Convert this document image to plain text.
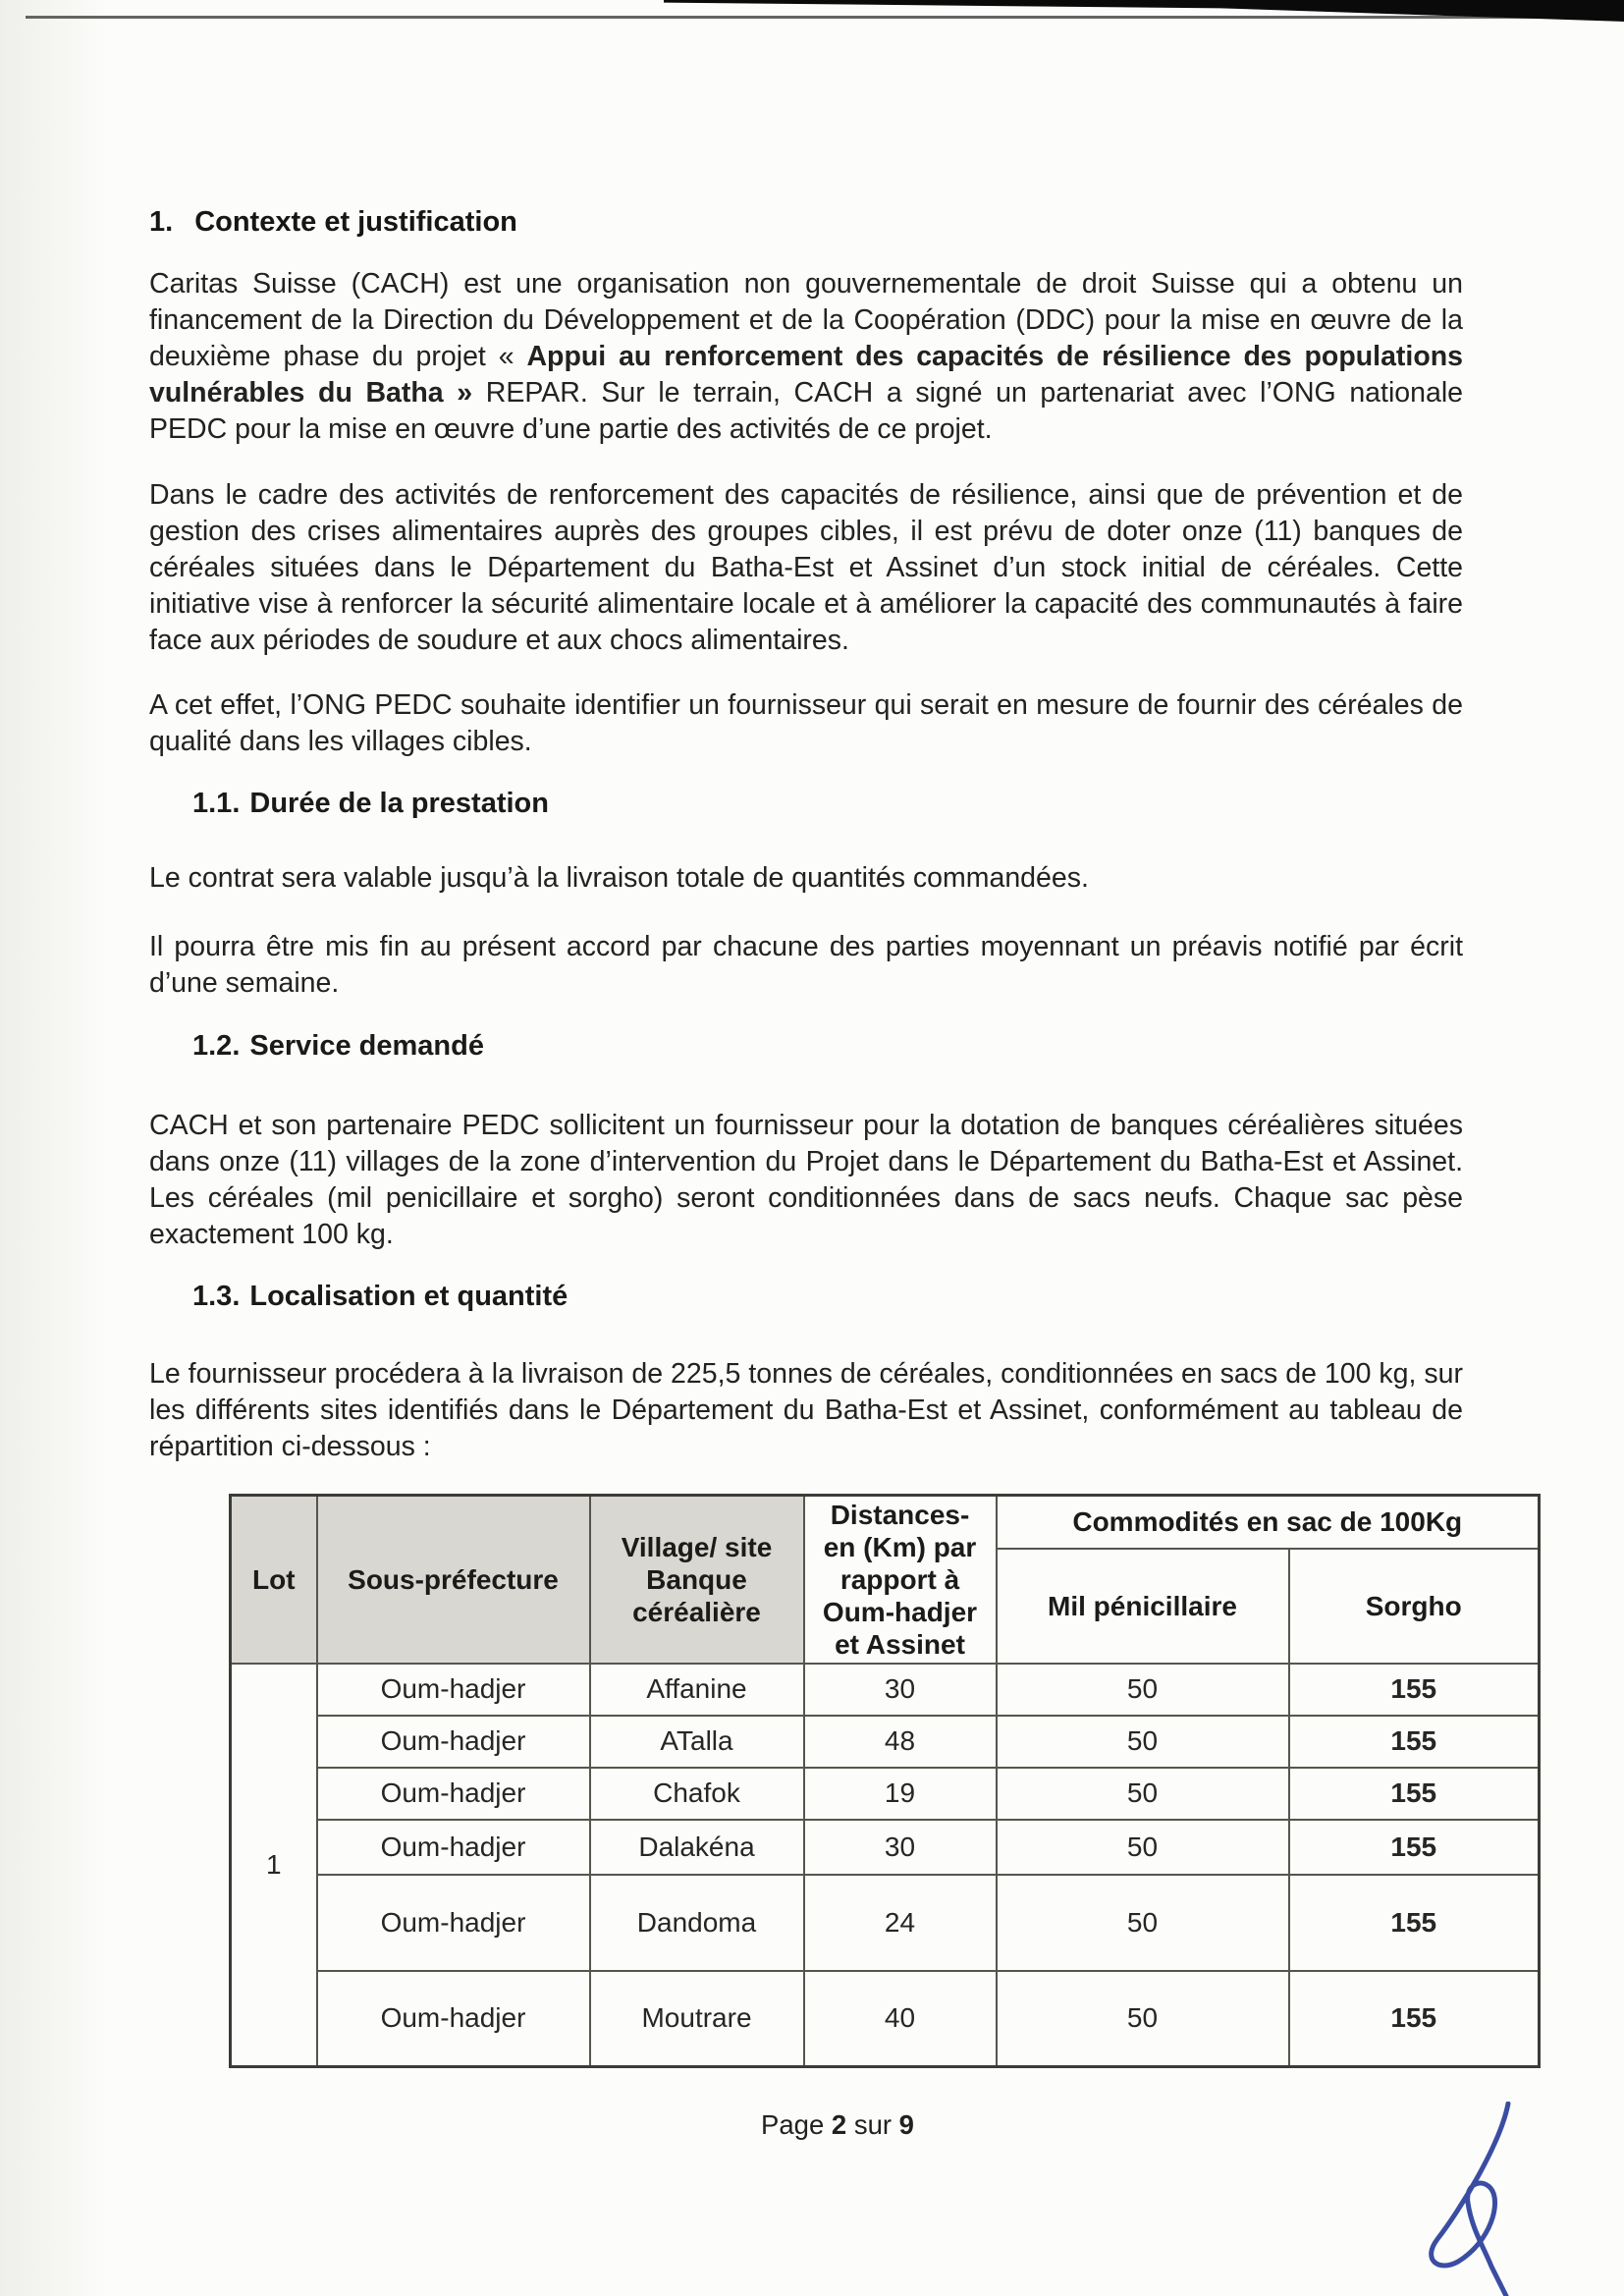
1. Contexte et justification

Caritas Suisse (CACH) est une organisation non gouvernementale de droit Suisse qui a obtenu un financement de la Direction du Développement et de la Coopération (DDC) pour la mise en œuvre de la deuxième phase du projet « Appui au renforcement des capacités de résilience des populations vulnérables du Batha » REPAR. Sur le terrain, CACH a signé un partenariat avec l’ONG nationale PEDC pour la mise en œuvre d’une partie des activités de ce projet.

Dans le cadre des activités de renforcement des capacités de résilience, ainsi que de prévention et de gestion des crises alimentaires auprès des groupes cibles, il est prévu de doter onze (11) banques de céréales situées dans le Département du Batha-Est et Assinet d’un stock initial de céréales. Cette initiative vise à renforcer la sécurité alimentaire locale et à améliorer la capacité des communautés à faire face aux périodes de soudure et aux chocs alimentaires.

A cet effet, l’ONG PEDC souhaite identifier un fournisseur qui serait en mesure de fournir des céréales de qualité dans les villages cibles.

1.1. Durée de la prestation

Le contrat sera valable jusqu’à la livraison totale de quantités commandées.

Il pourra être mis fin au présent accord par chacune des parties moyennant un préavis notifié par écrit d’une semaine.

1.2. Service demandé

CACH et son partenaire PEDC sollicitent un fournisseur pour la dotation de banques céréalières situées dans onze (11) villages de la zone d’intervention du Projet dans le Département du Batha-Est et Assinet. Les céréales (mil penicillaire et sorgho) seront conditionnées dans de sacs neufs. Chaque sac pèse exactement 100 kg.

1.3. Localisation et quantité

Le fournisseur procédera à la livraison de 225,5 tonnes de céréales, conditionnées en sacs de 100 kg, sur les différents sites identifiés dans le Département du Batha-Est et Assinet, conformément au tableau de répartition ci-dessous :

Lot	Sous-préfecture	Village/ site Banque céréalière	Distances- en (Km) par rapport à Oum-hadjer et Assinet	Commodités en sac de 100Kg	
				Mil pénicillaire	Sorgho
1	Oum-hadjer	Affanine	30	50	155
	Oum-hadjer	ATalla	48	50	155
	Oum-hadjer	Chafok	19	50	155
	Oum-hadjer	Dalakéna	30	50	155
	Oum-hadjer	Dandoma	24	50	155
	Oum-hadjer	Moutrare	40	50	155
Page 2 sur 9
